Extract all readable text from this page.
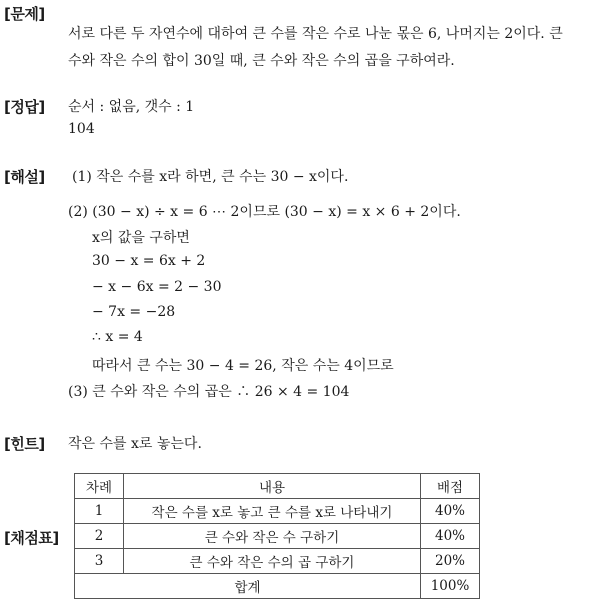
[문제]
서로 다른 두 자연수에 대하여 큰 수를 작은 수로 나눈 몫은 6, 나머지는 2이다. 큰
수와 작은 수의 합이 30일 때, 큰 수와 작은 수의 곱을 구하여라.
[정답] 순서 : 없음, 갯수 : 1
104
[해설] (1) 작은 수를 x라 하면, 큰 수는 30 − x이다.
(2) (30 − x) ÷ x = 6 ⋯ 2이므로 (30 − x) = x × 6 + 2이다.
x의 값을 구하면
30 − x = 6x + 2
− x − 6x = 2 − 30
− 7x = −28
∴ x = 4
따라서 큰 수는 30 − 4 = 26, 작은 수는 4이므로
(3) 큰 수와 작은 수의 곱은 ∴ 26 × 4 = 104
[힌트] 작은 수를 x로 놓는다.
[채점표]
차례	내용	배점
1	작은 수를 x로 놓고 큰 수를 x로 나타내기	40%
2	큰 수와 작은 수 구하기	40%
3	큰 수와 작은 수의 곱 구하기	20%
합계		100%
